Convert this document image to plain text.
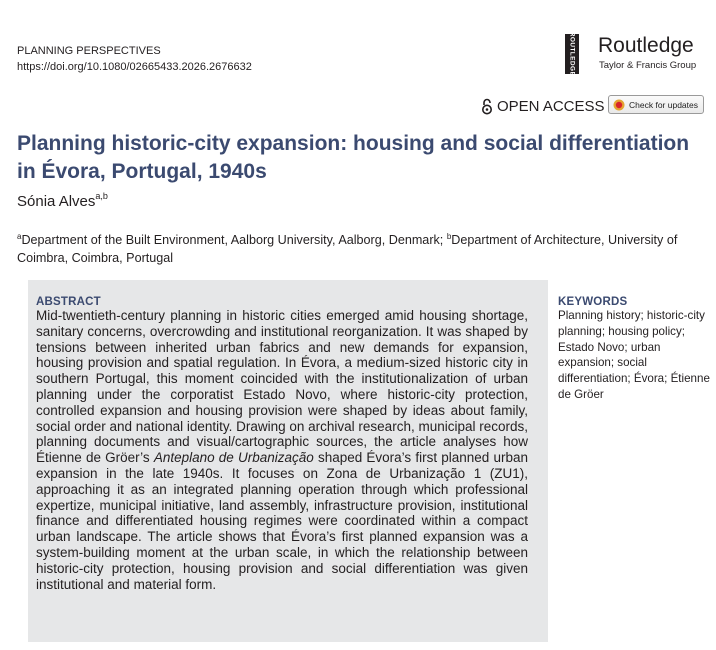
PLANNING PERSPECTIVES
https://doi.org/10.1080/02665433.2026.2676632	ROUTLEDGE Routledge
Taylor & Francis Group
OPEN ACCESS	Check for updates
Planning historic-city expansion: housing and social differentiation in Évora, Portugal, 1940s
Sónia Alves$^{a,b}$
$^a$Department of the Built Environment, Aalborg University, Aalborg, Denmark; $^b$Department of Architecture, University of Coimbra, Coimbra, Portugal
ABSTRACT
Mid-twentieth-century planning in historic cities emerged amid housing shortage, sanitary concerns, overcrowding and institutional reorganization. It was shaped by tensions between inherited urban fabrics and new demands for expansion, housing provision and spatial regulation. In Évora, a medium-sized historic city in southern Portugal, this moment coincided with the institutionalization of urban planning under the corporatist Estado Novo, where historic-city protection, controlled expansion and housing provision were shaped by ideas about family, social order and national identity. Drawing on archival research, municipal records, planning documents and visual/cartographic sources, the article analyses how Étienne de Gröer’s Anteplano de Urbanização shaped Évora’s first planned urban expansion in the late 1940s. It focuses on Zona de Urbanização 1 (ZU1), approaching it as an integrated planning operation through which professional expertize, municipal initiative, land assembly, infrastructure provision, institutional finance and differentiated housing regimes were coordinated within a compact urban landscape. The article shows that Évora’s first planned expansion was a system-building moment at the urban scale, in which the relationship between historic-city protection, housing provision and social differentiation was given institutional and material form.
KEYWORDS
Planning history; historic-city planning; housing policy; Estado Novo; urban expansion; social differentiation; Évora; Étienne de Gröer
